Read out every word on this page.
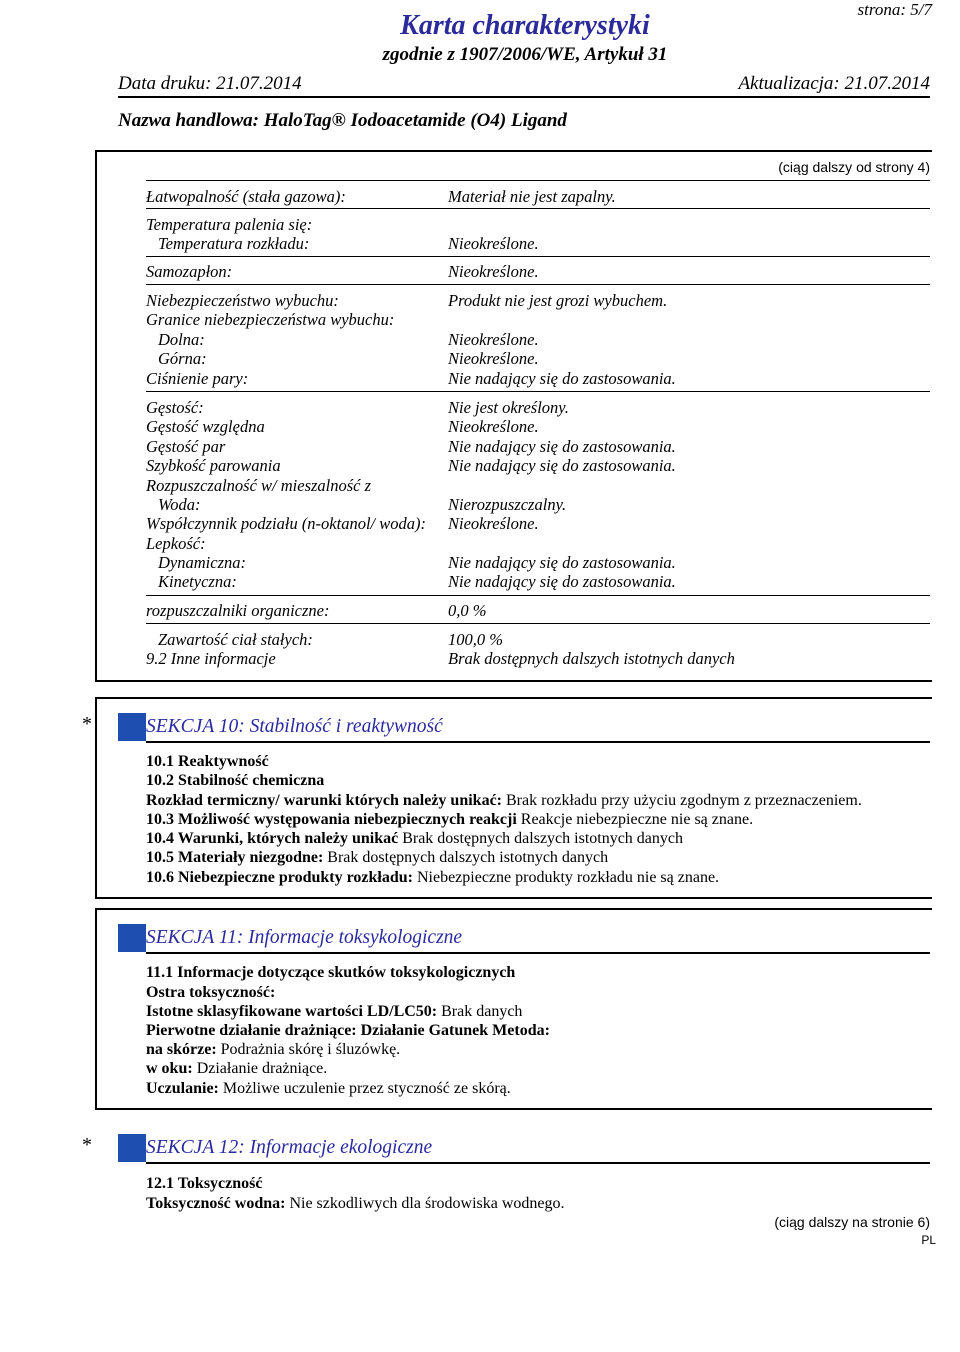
strona: 5/7
Karta charakterystyki
zgodnie z 1907/2006/WE, Artykuł 31
Data druku: 21.07.2014	Aktualizacja: 21.07.2014
Nazwa handlowa: HaloTag® Iodoacetamide (O4) Ligand
(ciąg dalszy od strony 4)
Łatwopalność (stała gazowa):	Materiał nie jest zapalny.
Temperatura palenia się:
Temperatura rozkładu:	Nieokreślone.
Samozapłon:	Nieokreślone.
Niebezpieczeństwo wybuchu:	Produkt nie jest grozi wybuchem.
Granice niebezpieczeństwa wybuchu:
Dolna:	Nieokreślone.
Górna:	Nieokreślone.
Ciśnienie pary:	Nie nadający się do zastosowania.
Gęstość:	Nie jest określony.
Gęstość względna	Nieokreślone.
Gęstość par	Nie nadający się do zastosowania.
Szybkość parowania	Nie nadający się do zastosowania.
Rozpuszczalność w/ mieszalność z
Woda:	Nierozpuszczalny.
Współczynnik podziału (n-oktanol/ woda): Nieokreślone.
Lepkość:
Dynamiczna:	Nie nadający się do zastosowania.
Kinetyczna:	Nie nadający się do zastosowania.
rozpuszczalniki organiczne:	0,0 %
Zawartość ciał stałych:	100,0 %
9.2 Inne informacje	Brak dostępnych dalszych istotnych danych
*	SEKCJA 10: Stabilność i reaktywność
10.1 Reaktywność
10.2 Stabilność chemiczna
Rozkład termiczny/ warunki których należy unikać: Brak rozkładu przy użyciu zgodnym z przeznaczeniem.
10.3 Możliwość występowania niebezpiecznych reakcji Reakcje niebezpieczne nie są znane.
10.4 Warunki, których należy unikać Brak dostępnych dalszych istotnych danych
10.5 Materiały niezgodne: Brak dostępnych dalszych istotnych danych
10.6 Niebezpieczne produkty rozkładu: Niebezpieczne produkty rozkładu nie są znane.
SEKCJA 11: Informacje toksykologiczne
11.1 Informacje dotyczące skutków toksykologicznych
Ostra toksyczność:
Istotne sklasyfikowane wartości LD/LC50: Brak danych
Pierwotne działanie drażniące: Działanie Gatunek Metoda:
na skórze: Podrażnia skórę i śluzówkę.
w oku: Działanie drażniące.
Uczulanie: Możliwe uczulenie przez styczność ze skórą.
*	SEKCJA 12: Informacje ekologiczne
12.1 Toksyczność
Toksyczność wodna: Nie szkodliwych dla środowiska wodnego.
(ciąg dalszy na stronie 6)
PL
